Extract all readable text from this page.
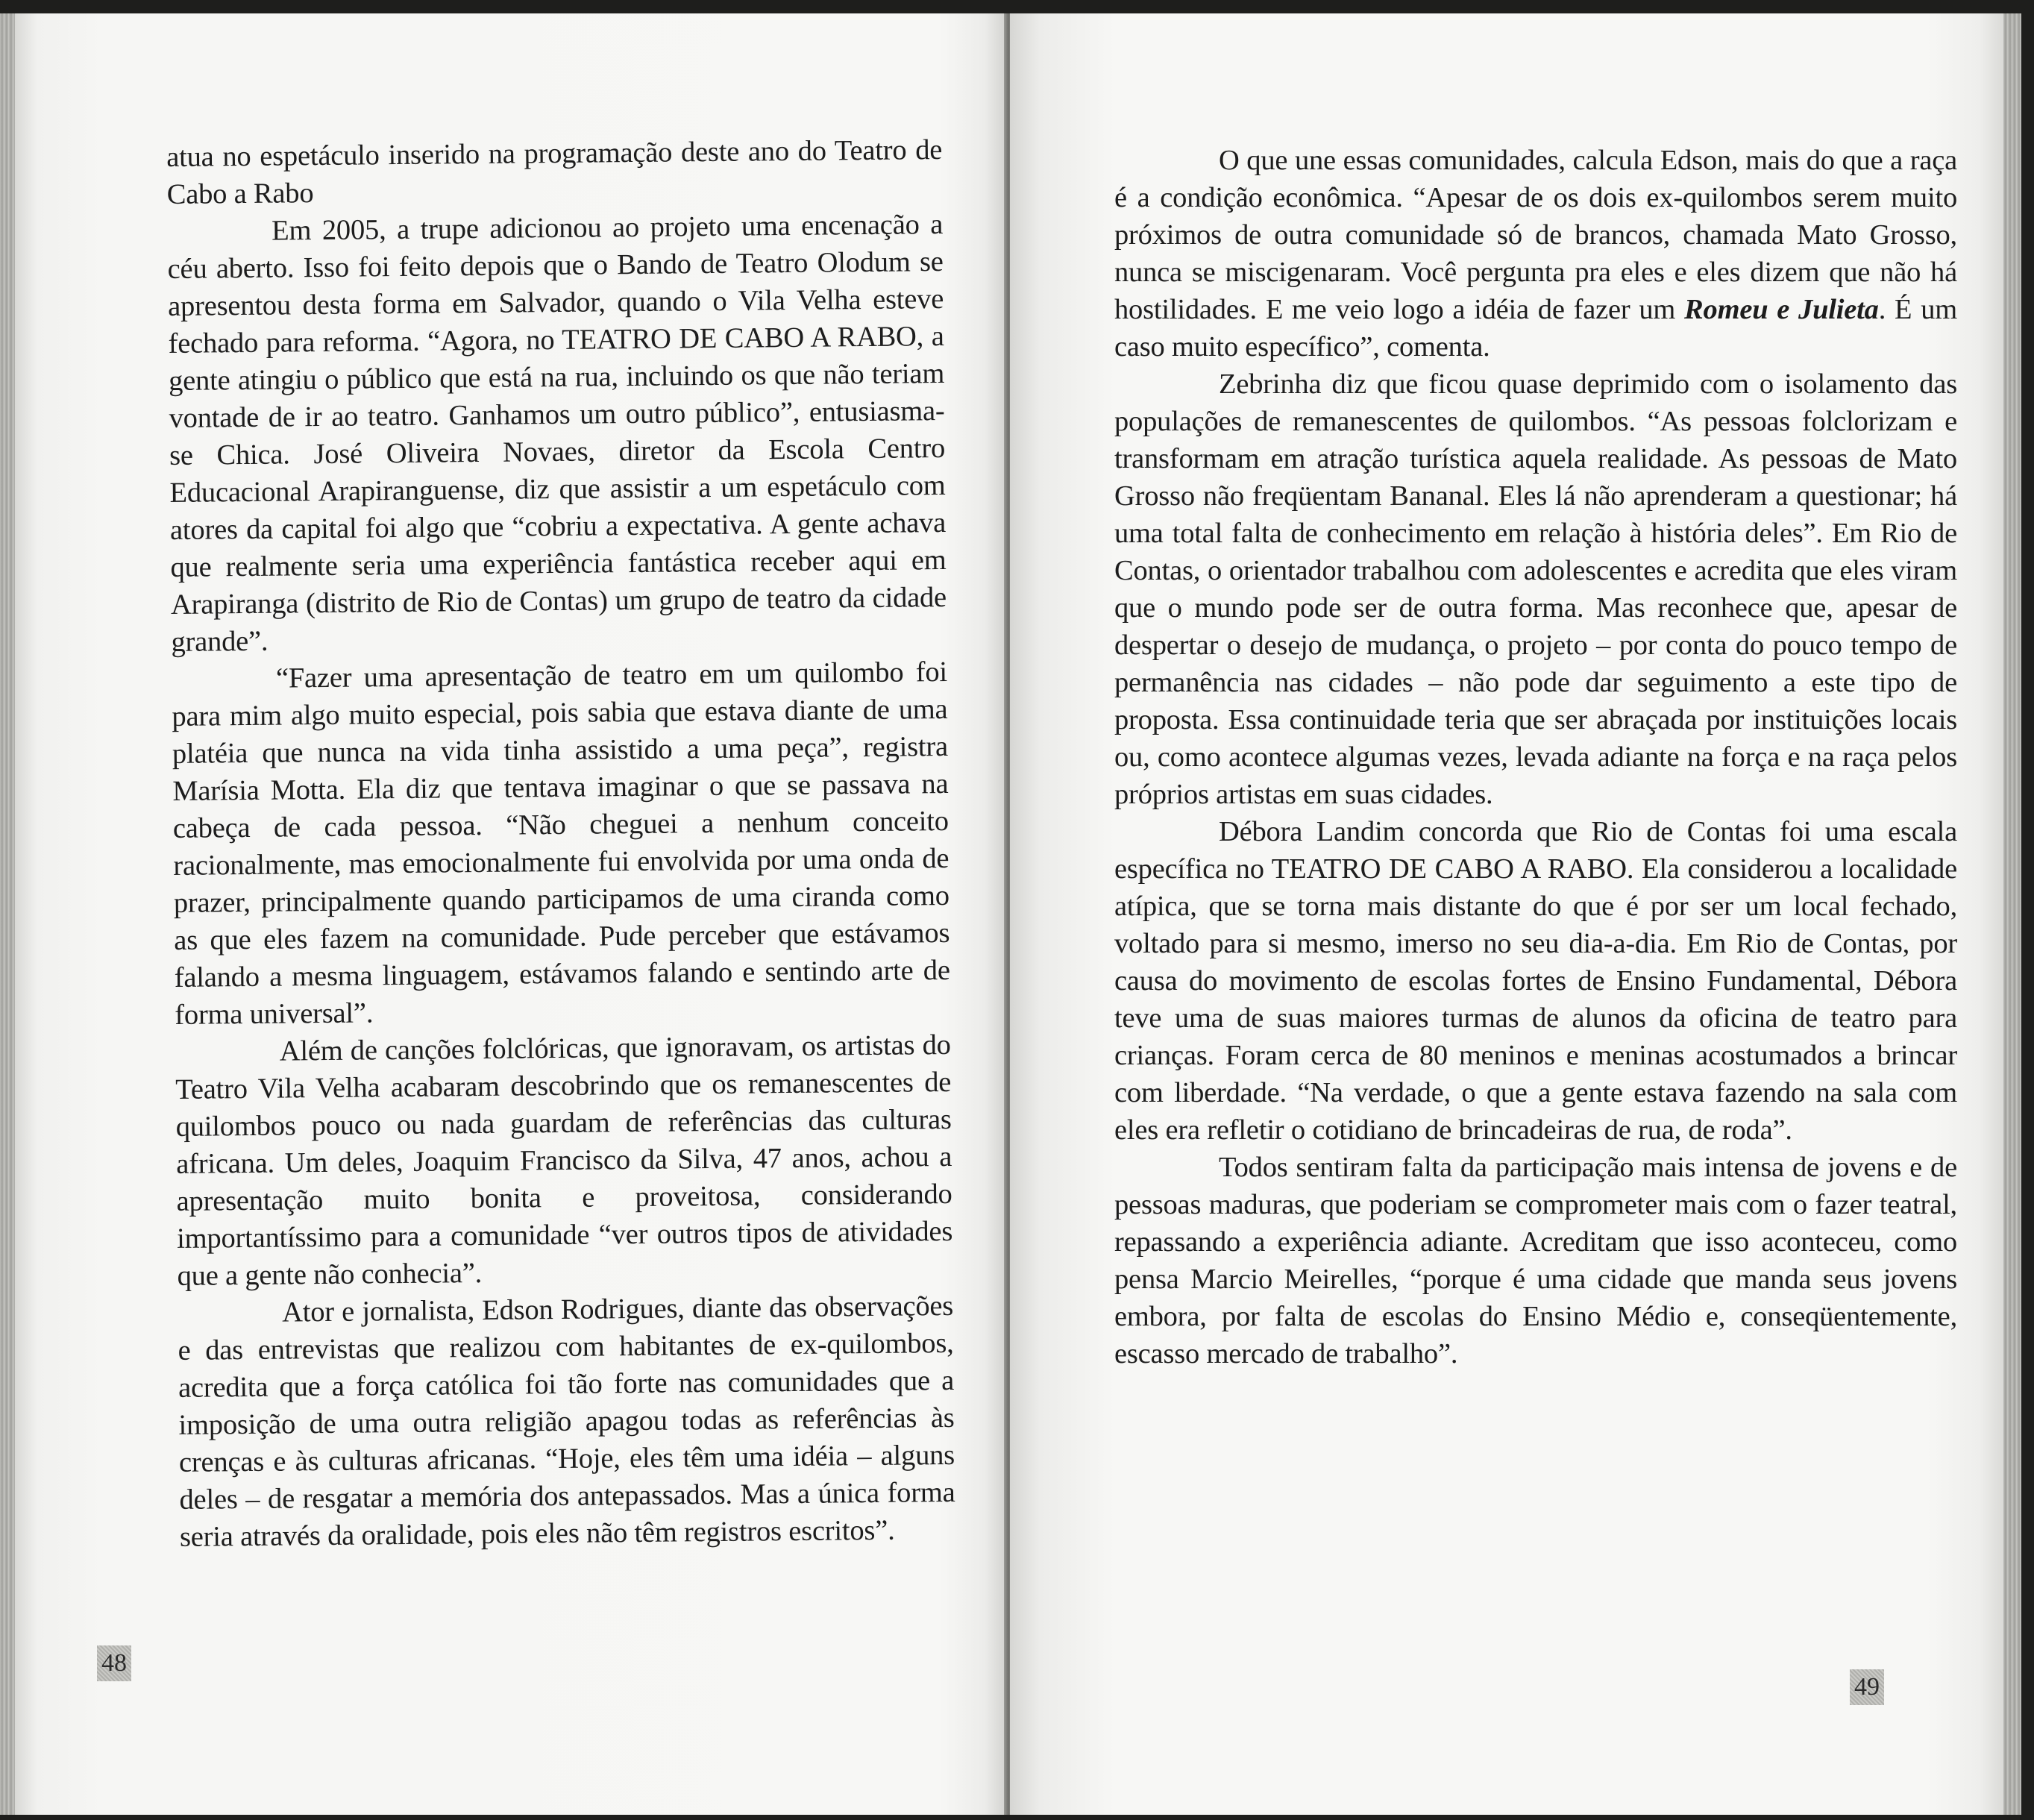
atua no espetáculo inserido na programação deste ano do Teatro de Cabo a Rabo

Em 2005, a trupe adicionou ao projeto uma encenação a céu aberto. Isso foi feito depois que o Bando de Teatro Olodum se apresentou desta forma em Salvador, quando o Vila Velha esteve fechado para reforma. “Agora, no TEATRO DE CABO A RABO, a gente atingiu o público que está na rua, incluindo os que não teriam vontade de ir ao teatro. Ganhamos um outro público”, entusiasma-se Chica. José Oliveira Novaes, diretor da Escola Centro Educacional Arapiranguense, diz que assistir a um espetáculo com atores da capital foi algo que “cobriu a expectativa. A gente achava que realmente seria uma experiência fantástica receber aqui em Arapiranga (distrito de Rio de Contas) um grupo de teatro da cidade grande”.

“Fazer uma apresentação de teatro em um quilombo foi para mim algo muito especial, pois sabia que estava diante de uma platéia que nunca na vida tinha assistido a uma peça”, registra Marísia Motta. Ela diz que tentava imaginar o que se passava na cabeça de cada pessoa. “Não cheguei a nenhum conceito racionalmente, mas emocionalmente fui envolvida por uma onda de prazer, principalmente quando participamos de uma ciranda como as que eles fazem na comunidade. Pude perceber que estávamos falando a mesma linguagem, estávamos falando e sentindo arte de forma universal”.

Além de canções folclóricas, que ignoravam, os artistas do Teatro Vila Velha acabaram descobrindo que os remanescentes de quilombos pouco ou nada guardam de referências das culturas africana. Um deles, Joaquim Francisco da Silva, 47 anos, achou a apresentação muito bonita e proveitosa, considerando importantíssimo para a comunidade “ver outros tipos de atividades que a gente não conhecia”.

Ator e jornalista, Edson Rodrigues, diante das observações e das entrevistas que realizou com habitantes de ex-quilombos, acredita que a força católica foi tão forte nas comunidades que a imposição de uma outra religião apagou todas as referências às crenças e às culturas africanas. “Hoje, eles têm uma idéia – alguns deles – de resgatar a memória dos antepassados. Mas a única forma seria através da oralidade, pois eles não têm registros escritos”.

48

O que une essas comunidades, calcula Edson, mais do que a raça é a condição econômica. “Apesar de os dois ex-quilombos serem muito próximos de outra comunidade só de brancos, chamada Mato Grosso, nunca se miscigenaram. Você pergunta pra eles e eles dizem que não há hostilidades. E me veio logo a idéia de fazer um Romeu e Julieta. É um caso muito específico”, comenta.

Zebrinha diz que ficou quase deprimido com o isolamento das populações de remanescentes de quilombos. “As pessoas folclorizam e transformam em atração turística aquela realidade. As pessoas de Mato Grosso não freqüentam Bananal. Eles lá não aprenderam a questionar; há uma total falta de conhecimento em relação à história deles”. Em Rio de Contas, o orientador trabalhou com adolescentes e acredita que eles viram que o mundo pode ser de outra forma. Mas reconhece que, apesar de despertar o desejo de mudança, o projeto – por conta do pouco tempo de permanência nas cidades – não pode dar seguimento a este tipo de proposta. Essa continuidade teria que ser abraçada por instituições locais ou, como acontece algumas vezes, levada adiante na força e na raça pelos próprios artistas em suas cidades.

Débora Landim concorda que Rio de Contas foi uma escala específica no TEATRO DE CABO A RABO. Ela considerou a localidade atípica, que se torna mais distante do que é por ser um local fechado, voltado para si mesmo, imerso no seu dia-a-dia. Em Rio de Contas, por causa do movimento de escolas fortes de Ensino Fundamental, Débora teve uma de suas maiores turmas de alunos da oficina de teatro para crianças. Foram cerca de 80 meninos e meninas acostumados a brincar com liberdade. “Na verdade, o que a gente estava fazendo na sala com eles era refletir o cotidiano de brincadeiras de rua, de roda”.

Todos sentiram falta da participação mais intensa de jovens e de pessoas maduras, que poderiam se comprometer mais com o fazer teatral, repassando a experiência adiante. Acreditam que isso aconteceu, como pensa Marcio Meirelles, “porque é uma cidade que manda seus jovens embora, por falta de escolas do Ensino Médio e, conseqüentemente, escasso mercado de trabalho”.

49
